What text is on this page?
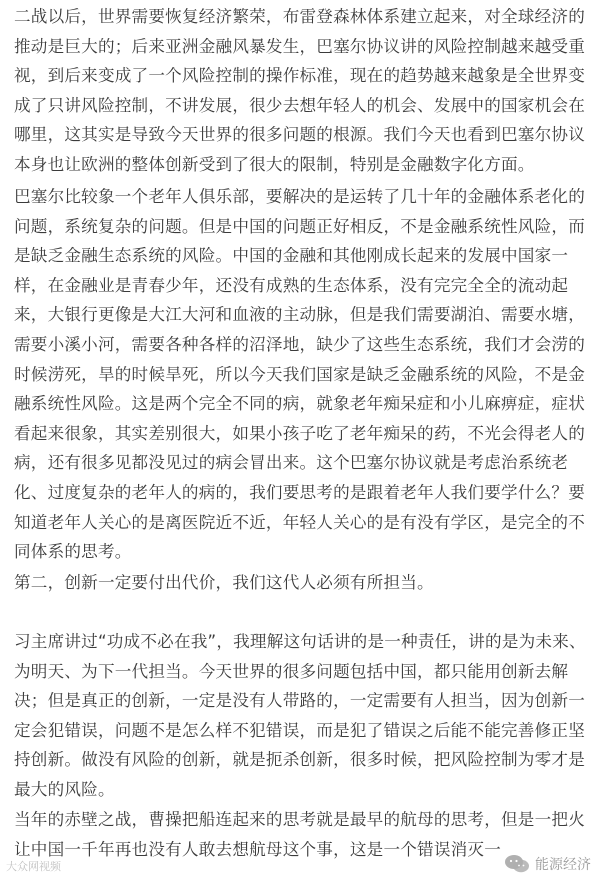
二战以后，世界需要恢复经济繁荣，布雷登森林体系建立起来，对全球经济的
推动是巨大的；后来亚洲金融风暴发生，巴塞尔协议讲的风险控制越来越受重
视，到后来变成了一个风险控制的操作标准，现在的趋势越来越象是全世界变
成了只讲风险控制，不讲发展，很少去想年轻人的机会、发展中的国家机会在
哪里，这其实是导致今天世界的很多问题的根源。我们今天也看到巴塞尔协议
本身也让欧洲的整体创新受到了很大的限制，特别是金融数字化方面。
巴塞尔比较象一个老年人俱乐部，要解决的是运转了几十年的金融体系老化的
问题，系统复杂的问题。但是中国的问题正好相反，不是金融系统性风险，而
是缺乏金融生态系统的风险。中国的金融和其他刚成长起来的发展中国家一
样，在金融业是青春少年，还没有成熟的生态体系，没有完完全全的流动起
来，大银行更像是大江大河和血液的主动脉，但是我们需要湖泊、需要水塘，
需要小溪小河，需要各种各样的沼泽地，缺少了这些生态系统，我们才会涝的
时候涝死，旱的时候旱死，所以今天我们国家是缺乏金融系统的风险，不是金
融系统性风险。这是两个完全不同的病，就象老年痴呆症和小儿麻痹症，症状
看起来很象，其实差别很大，如果小孩子吃了老年痴呆的药，不光会得老人的
病，还有很多见都没见过的病会冒出来。这个巴塞尔协议就是考虑治系统老
化、过度复杂的老年人的病的，我们要思考的是跟着老年人我们要学什么？要
知道老年人关心的是离医院近不近，年轻人关心的是有没有学区，是完全的不
同体系的思考。
第二，创新一定要付出代价，我们这代人必须有所担当。
习主席讲过“功成不必在我”，我理解这句话讲的是一种责任，讲的是为未来、
为明天、为下一代担当。今天世界的很多问题包括中国，都只能用创新去解
决；但是真正的创新，一定是没有人带路的，一定需要有人担当，因为创新一
定会犯错误，问题不是怎么样不犯错误，而是犯了错误之后能不能完善修正坚
持创新。做没有风险的创新，就是扼杀创新，很多时候，把风险控制为零才是
最大的风险。
当年的赤壁之战，曹操把船连起来的思考就是最早的航母的思考，但是一把火
让中国一千年再也没有人敢去想航母这个事，这是一个错误消灭一
大众网视频	能源经济
